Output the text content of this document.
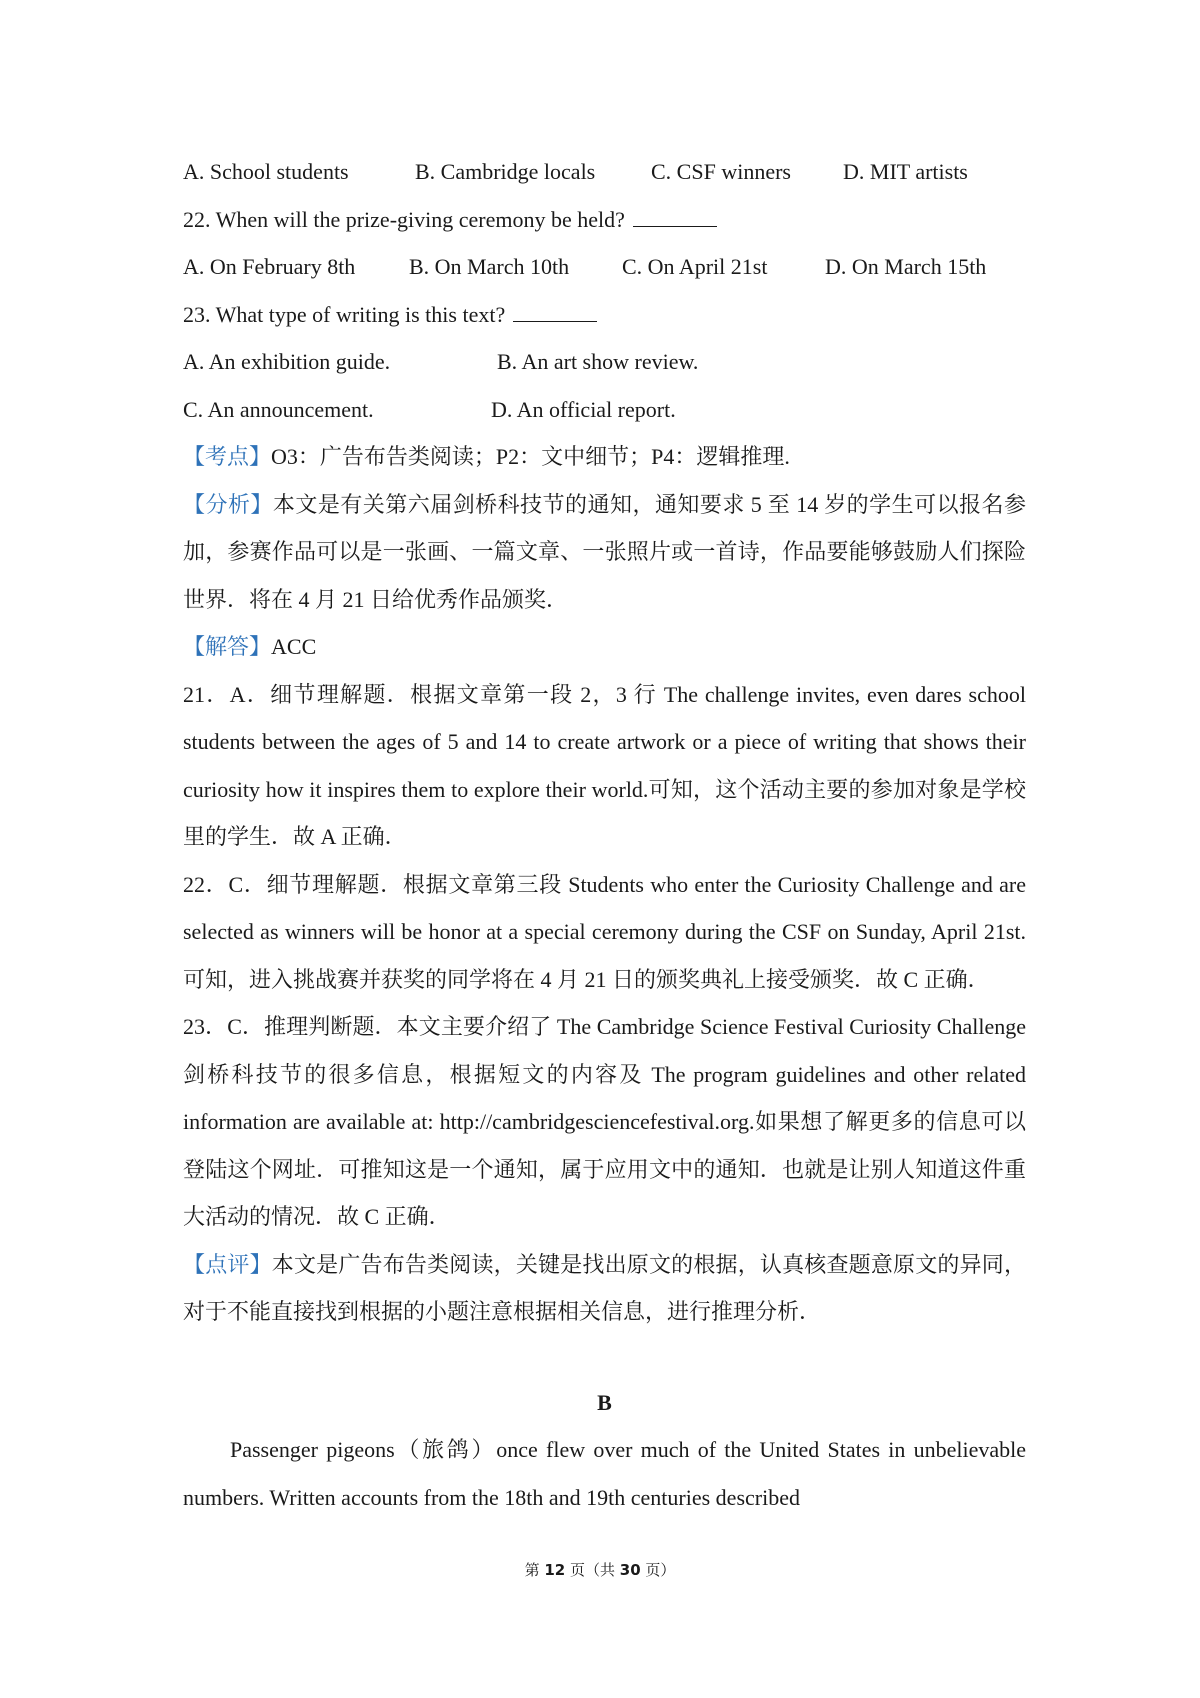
A. School students	B. Cambridge locals	C. CSF winners	D. MIT artists
22. When will the prize-giving ceremony be held?
A. On February 8th	B. On March 10th	C. On April 21st	D. On March 15th
23. What type of writing is this text?
A. An exhibition guide.	B. An art show review.
C. An announcement.	D. An official report.
【考点】O3：广告布告类阅读；P2：文中细节；P4：逻辑推理.
【分析】本文是有关第六届剑桥科技节的通知，通知要求 5 至 14 岁的学生可以报名参加，参赛作品可以是一张画、一篇文章、一张照片或一首诗，作品要能够鼓励人们探险世界．将在 4 月 21 日给优秀作品颁奖．
【解答】ACC
21．A．细节理解题．根据文章第一段 2，3 行 The challenge invites, even dares school students between the ages of 5 and 14 to create artwork or a piece of writing that shows their curiosity how it inspires them to explore their world.可知，这个活动主要的参加对象是学校里的学生．故 A 正确．
22．C．细节理解题．根据文章第三段 Students who enter the Curiosity Challenge and are selected as winners will be honor at a special ceremony during the CSF on Sunday, April 21st. 可知，进入挑战赛并获奖的同学将在 4 月 21 日的颁奖典礼上接受颁奖．故 C 正确．
23．C．推理判断题．本文主要介绍了 The Cambridge Science Festival Curiosity Challenge 剑桥科技节的很多信息，根据短文的内容及 The program guidelines and other related information are available at: http://cambridgesciencefestival.org.如果想了解更多的信息可以登陆这个网址．可推知这是一个通知，属于应用文中的通知．也就是让别人知道这件重大活动的情况．故 C 正确．
【点评】本文是广告布告类阅读，关键是找出原文的根据，认真核查题意原文的异同，对于不能直接找到根据的小题注意根据相关信息，进行推理分析．
B
Passenger pigeons（旅鸽）once flew over much of the United States in unbelievable numbers. Written accounts from the 18th and 19th centuries described
第 12 页（共 30 页）
